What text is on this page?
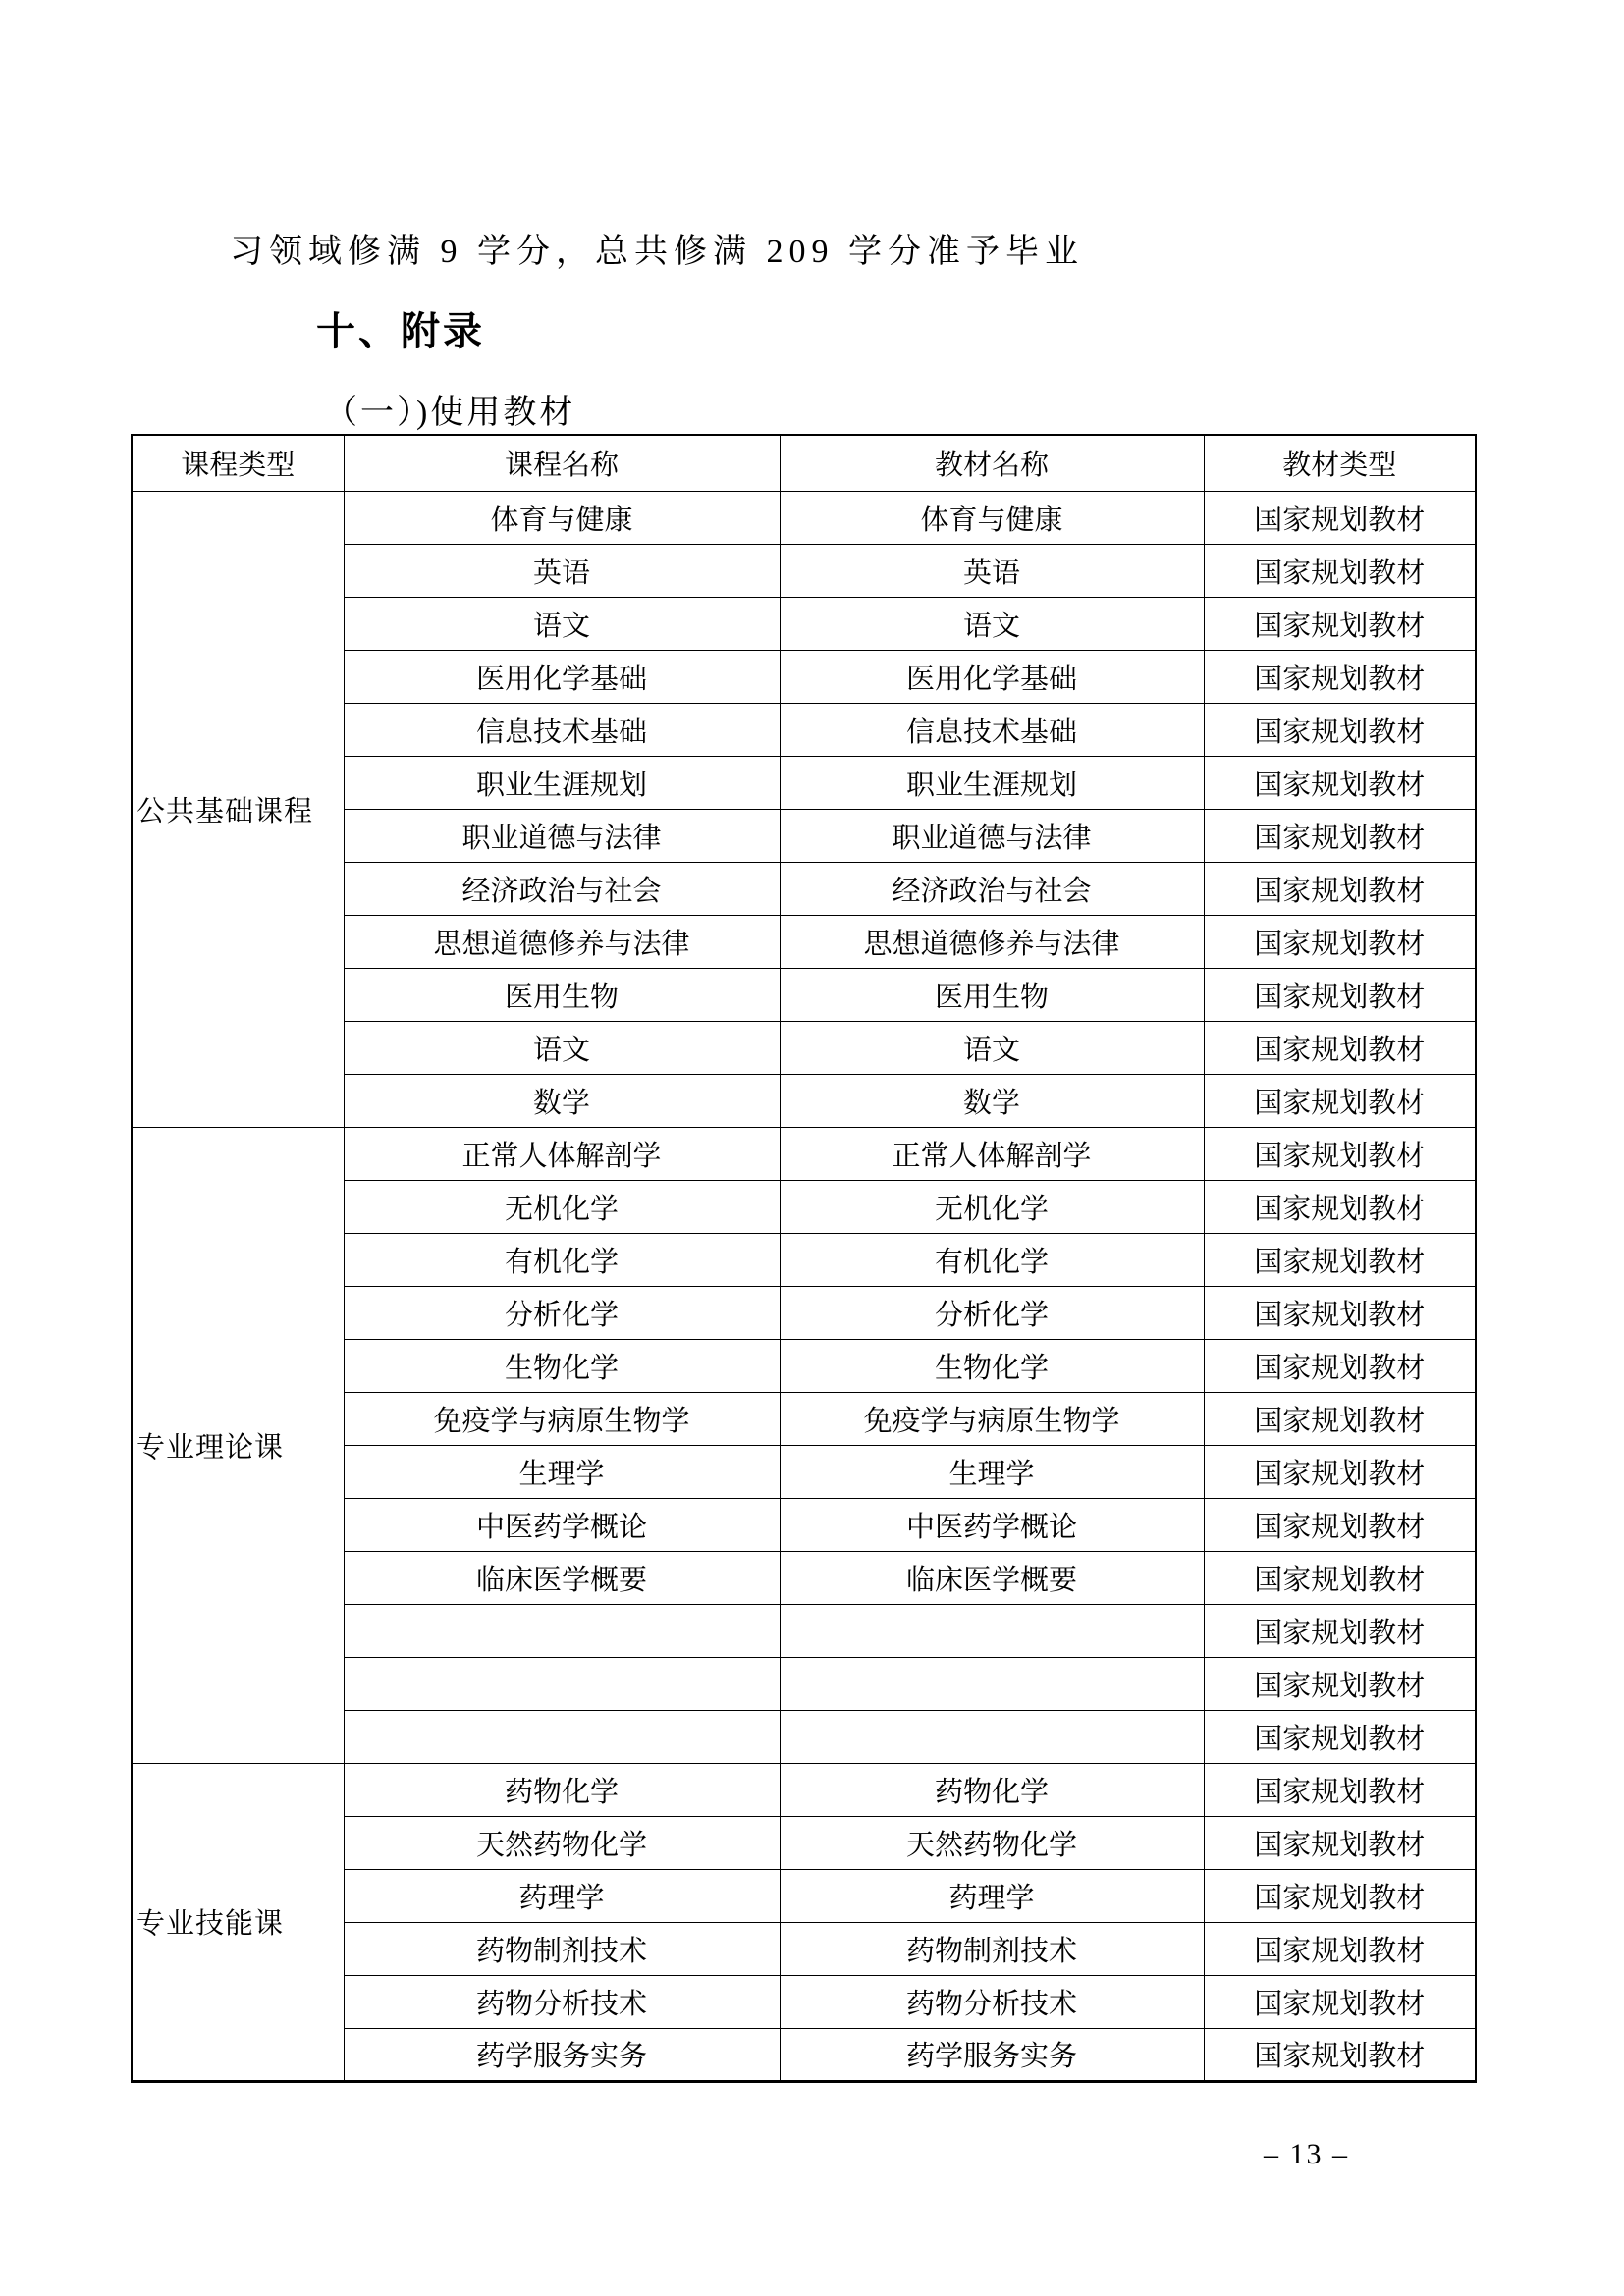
习领域修满 9 学分，总共修满 209 学分准予毕业
十、附录
（一）)使用教材
课程类型	课程名称	教材名称	教材类型
公共基础课程	体育与健康	体育与健康	国家规划教材
	英语	英语	国家规划教材
	语文	语文	国家规划教材
	医用化学基础	医用化学基础	国家规划教材
	信息技术基础	信息技术基础	国家规划教材
	职业生涯规划	职业生涯规划	国家规划教材
	职业道德与法律	职业道德与法律	国家规划教材
	经济政治与社会	经济政治与社会	国家规划教材
	思想道德修养与法律	思想道德修养与法律	国家规划教材
	医用生物	医用生物	国家规划教材
	语文	语文	国家规划教材
	数学	数学	国家规划教材
专业理论课	正常人体解剖学	正常人体解剖学	国家规划教材
	无机化学	无机化学	国家规划教材
	有机化学	有机化学	国家规划教材
	分析化学	分析化学	国家规划教材
	生物化学	生物化学	国家规划教材
	免疫学与病原生物学	免疫学与病原生物学	国家规划教材
	生理学	生理学	国家规划教材
	中医药学概论	中医药学概论	国家规划教材
	临床医学概要	临床医学概要	国家规划教材
			国家规划教材
			国家规划教材
			国家规划教材
专业技能课	药物化学	药物化学	国家规划教材
	天然药物化学	天然药物化学	国家规划教材
	药理学	药理学	国家规划教材
	药物制剂技术	药物制剂技术	国家规划教材
	药物分析技术	药物分析技术	国家规划教材
	药学服务实务	药学服务实务	国家规划教材
– 13 –
